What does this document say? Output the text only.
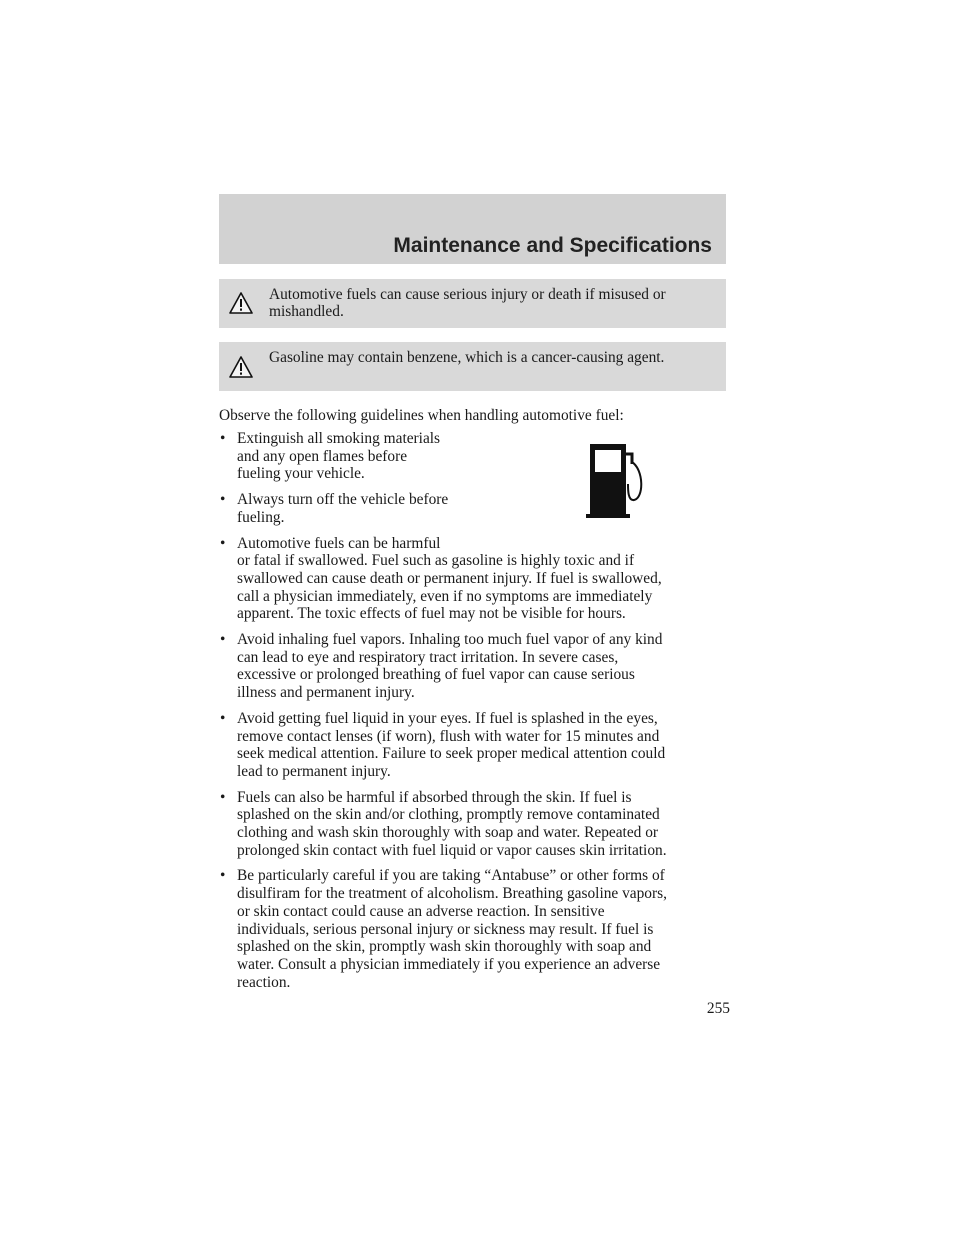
Maintenance and Specifications
Automotive fuels can cause serious injury or death if misused or
mishandled.
Gasoline may contain benzene, which is a cancer-causing agent.
Observe the following guidelines when handling automotive fuel:
• Extinguish all smoking materials
and any open flames before
fueling your vehicle.
• Always turn off the vehicle before
fueling.
• Automotive fuels can be harmful
or fatal if swallowed. Fuel such as gasoline is highly toxic and if
swallowed can cause death or permanent injury. If fuel is swallowed,
call a physician immediately, even if no symptoms are immediately
apparent. The toxic effects of fuel may not be visible for hours.
• Avoid inhaling fuel vapors. Inhaling too much fuel vapor of any kind
can lead to eye and respiratory tract irritation. In severe cases,
excessive or prolonged breathing of fuel vapor can cause serious
illness and permanent injury.
• Avoid getting fuel liquid in your eyes. If fuel is splashed in the eyes,
remove contact lenses (if worn), flush with water for 15 minutes and
seek medical attention. Failure to seek proper medical attention could
lead to permanent injury.
• Fuels can also be harmful if absorbed through the skin. If fuel is
splashed on the skin and/or clothing, promptly remove contaminated
clothing and wash skin thoroughly with soap and water. Repeated or
prolonged skin contact with fuel liquid or vapor causes skin irritation.
• Be particularly careful if you are taking “Antabuse” or other forms of
disulfiram for the treatment of alcoholism. Breathing gasoline vapors,
or skin contact could cause an adverse reaction. In sensitive
individuals, serious personal injury or sickness may result. If fuel is
splashed on the skin, promptly wash skin thoroughly with soap and
water. Consult a physician immediately if you experience an adverse
reaction.
255
